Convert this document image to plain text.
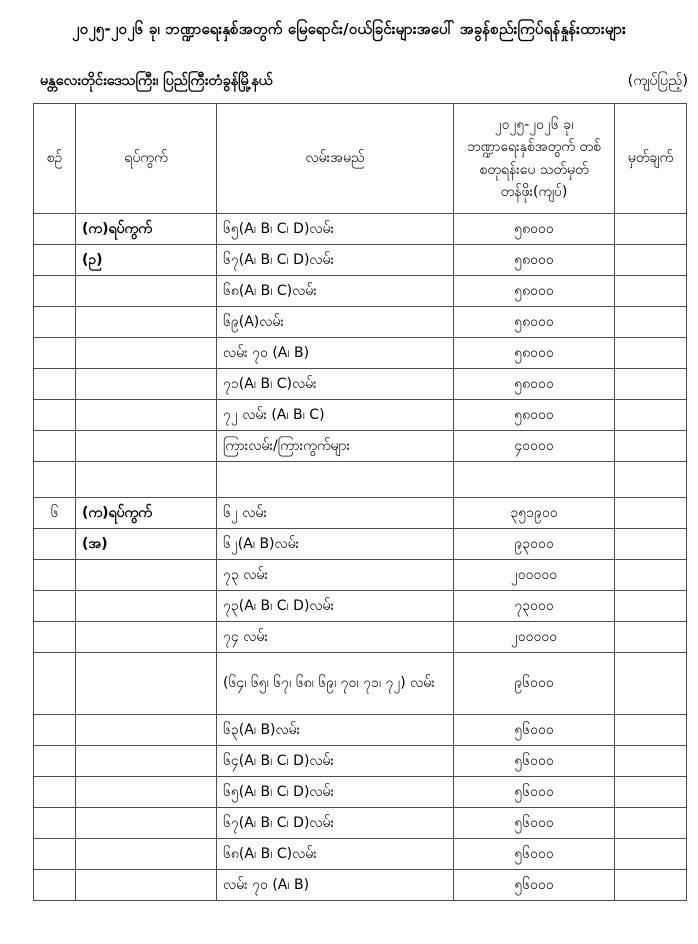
၂၀၂၅-၂၀၂၆ ခု၊ ဘဏ္ဍာရေးနှစ်အတွက် မြေရောင်း/ဝယ်ခြင်းများအပေါ် အခွန်စည်းကြပ်ရန်နှုန်းထားများ
မန္တလေးတိုင်းဒေသကြီး၊ ပြည်ကြီးတံခွန်မြို့နယ်	(ကျပ်ပြည့်)
စဉ်	ရပ်ကွက်	လမ်းအမည်	၂၀၂၅-၂၀၂၆ ခု၊ ဘဏ္ဍာရေးနှစ်အတွက် တစ်စတုရန်းပေ သတ်မှတ်တန်ဖိုး(ကျပ်)	မှတ်ချက်
	(က)ရပ်ကွက်	၆၅(A၊ B၊ C၊ D)လမ်း	၅၈၀၀၀	
	(ဉ)	၆၇(A၊ B၊ C၊ D)လမ်း	၅၈၀၀၀	
		၆၈(A၊ B၊ C)လမ်း	၅၈၀၀၀	
		၆၉(A)လမ်း	၅၈၀၀၀	
		လမ်း ၇၀ (A၊ B)	၅၈၀၀၀	
		၇၁(A၊ B၊ C)လမ်း	၅၈၀၀၀	
		၇၂ လမ်း (A၊ B၊ C)	၅၈၀၀၀	
		ကြားလမ်း/ကြားကွက်များ	၄၀၀၀၀	

၆	(က)ရပ်ကွက်	၆၂ လမ်း	၃၅၁၉၀၀	
	(အ)	၆၂(A၊ B)လမ်း	၉၃၀၀၀	
		၇၃ လမ်း	၂၀၀၀၀၀	
		၇၃(A၊ B၊ C၊ D)လမ်း	၇၃၀၀၀	
		၇၄ လမ်း	၂၀၀၀၀၀	
		(၆၄၊ ၆၅၊ ၆၇၊ ၆၈၊ ၆၉၊ ၇၀၊ ၇၁၊ ၇၂) လမ်း	၉၆၀၀၀	
		၆၃(A၊ B)လမ်း	၅၆၀၀၀	
		၆၄(A၊ B၊ C၊ D)လမ်း	၅၆၀၀၀	
		၆၅(A၊ B၊ C၊ D)လမ်း	၅၆၀၀၀	
		၆၇(A၊ B၊ C၊ D)လမ်း	၅၆၀၀၀	
		၆၈(A၊ B၊ C)လမ်း	၅၆၀၀၀	
		လမ်း ၇၀ (A၊ B)	၅၆၀၀၀	
